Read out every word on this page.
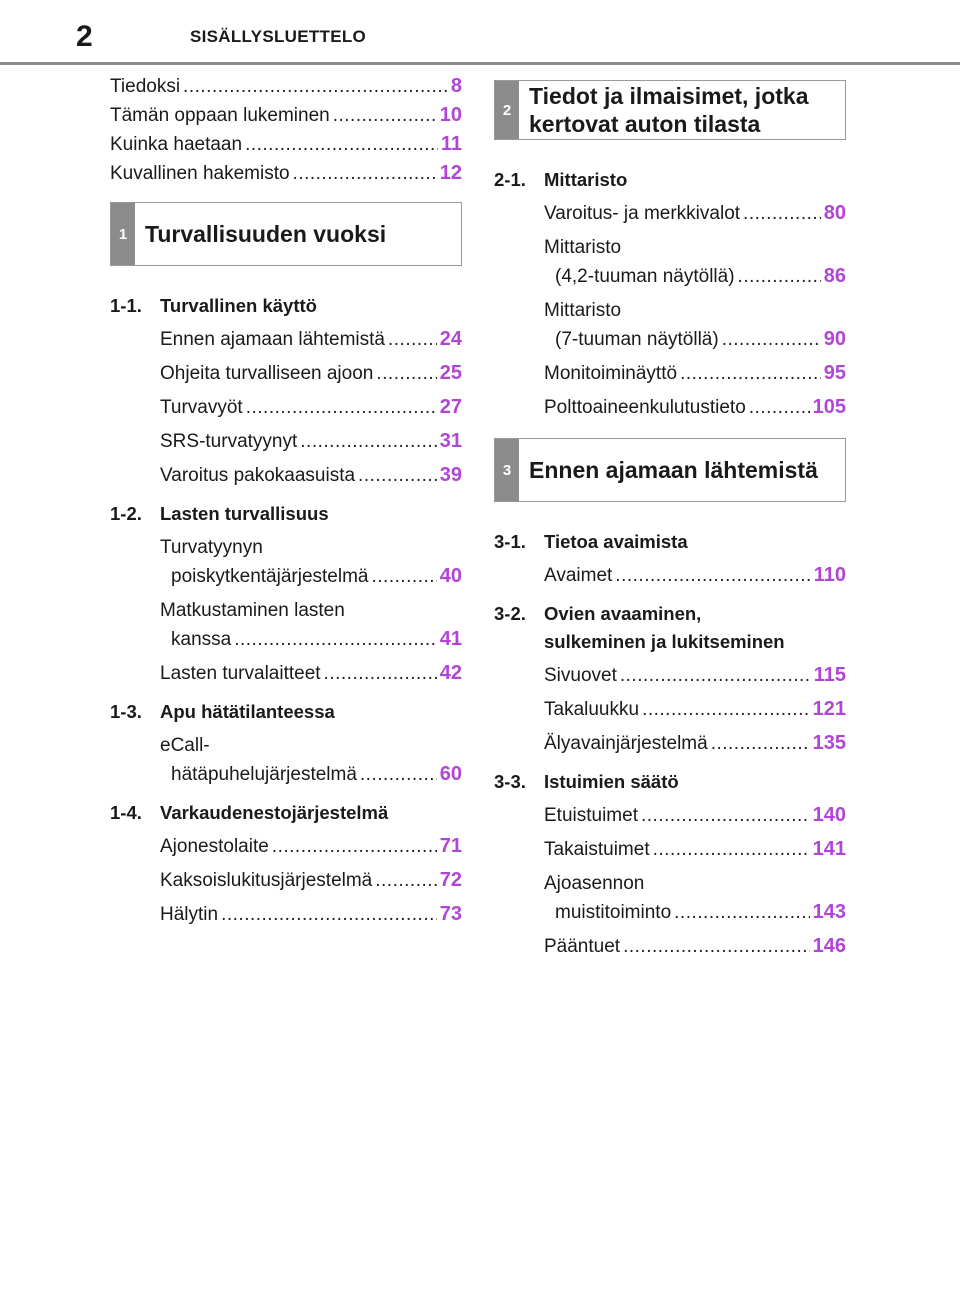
2	SISÄLLYSLUETTELO
Tiedoksi .....	8
Tämän oppaan lukeminen .....	10
Kuinka haetaan .....	11
Kuvallinen hakemisto .....	12
1 Turvallisuuden vuoksi
1-1. Turvallinen käyttö
Ennen ajamaan lähtemistä .....	24
Ohjeita turvalliseen ajoon .....	25
Turvavyöt .....	27
SRS-turvatyynyt .....	31
Varoitus pakokaasuista .....	39
1-2. Lasten turvallisuus
Turvatyynyn
poiskytkentäjärjestelmä .....	40
Matkustaminen lasten
kanssa .....	41
Lasten turvalaitteet .....	42
1-3. Apu hätätilanteessa
eCall-
hätäpuhelujärjestelmä .....	60
1-4. Varkaudenestojärjestelmä
Ajonestolaite .....	71
Kaksoislukitusjärjestelmä .....	72
Hälytin .....	73
2
Tiedot ja ilmaisimet, jotka
kertovat auton tilasta
2-1. Mittaristo
Varoitus- ja merkkivalot .....	80
Mittaristo
(4,2-tuuman näytöllä) .....	86
Mittaristo
(7-tuuman näytöllä) .....	90
Monitoiminäyttö .....	95
Polttoaineenkulutustieto .....	105
3 Ennen ajamaan lähtemistä
3-1. Tietoa avaimista
Avaimet .....	110
3-2. Ovien avaaminen,
sulkeminen ja lukitseminen
Sivuovet .....	115
Takaluukku .....	121
Älyavainjärjestelmä .....	135
3-3. Istuimien säätö
Etuistuimet .....	140
Takaistuimet .....	141
Ajoasennon
muistitoiminto .....	143
Pääntuet .....	146
